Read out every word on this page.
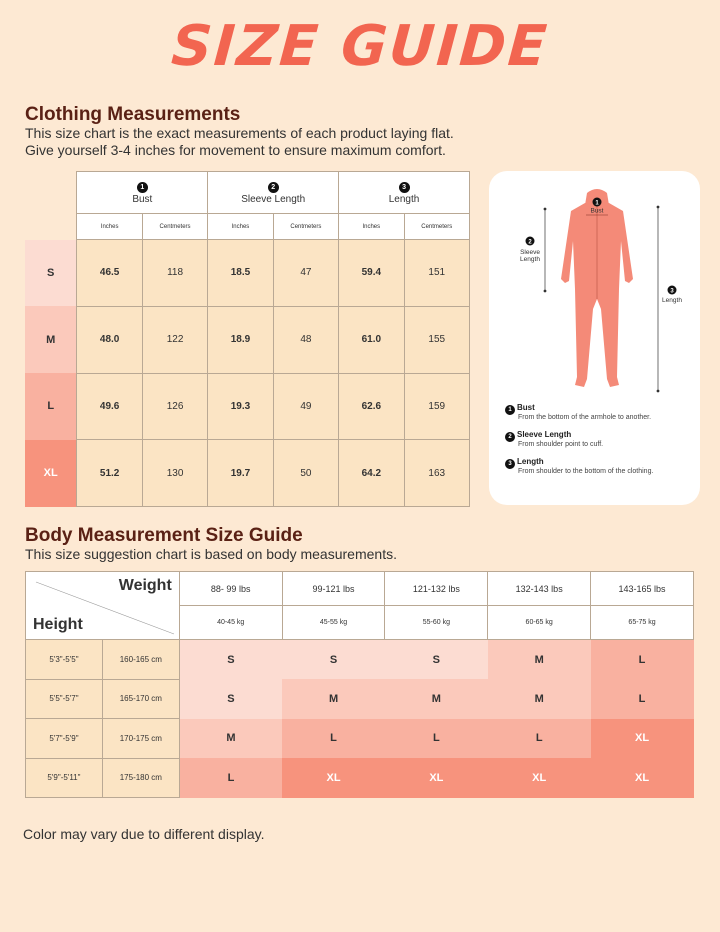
SIZE GUIDE
Clothing Measurements
This size chart is the exact measurements of each product laying flat.
Give yourself 3-4 inches for movement to ensure maximum comfort.
	1
Bust		2
Sleeve Length		3
Length	

	Inches	Centmeters	Inches	Centmeters	Inches	Centmeters
S	46.5	118	18.5	47	59.4	151
M	48.0	122	18.9	48	61.0	155
L	49.6	126	19.3	49	62.6	159
XL	51.2	130	19.7	50	64.2	163
1
Bust
2
Sleeve
Length
3
Length
1 Bust
From the bottom of the armhole to another.
2 Sleeve Length
From shoulder point to cuff.
3 Length
From shoulder to the bottom of the clothing.
Body Measurement Size Guide
This size suggestion chart is based on body measurements.
Weight
Height		88- 99 lbs	99-121 lbs	121-132 lbs	132-143 lbs	143-165 lbs
		40-45 kg	45-55 kg	55-60 kg	60-65 kg	65-75 kg
5'3"-5'5"	160-165 cm	S	S	S	M	L
5'5"-5'7"	165-170 cm	S	M	M	M	L
5'7"-5'9"	170-175 cm	M	L	L	L	XL
5'9"-5'11"	175-180 cm	L	XL	XL	XL	XL
Color may vary due to different display.
